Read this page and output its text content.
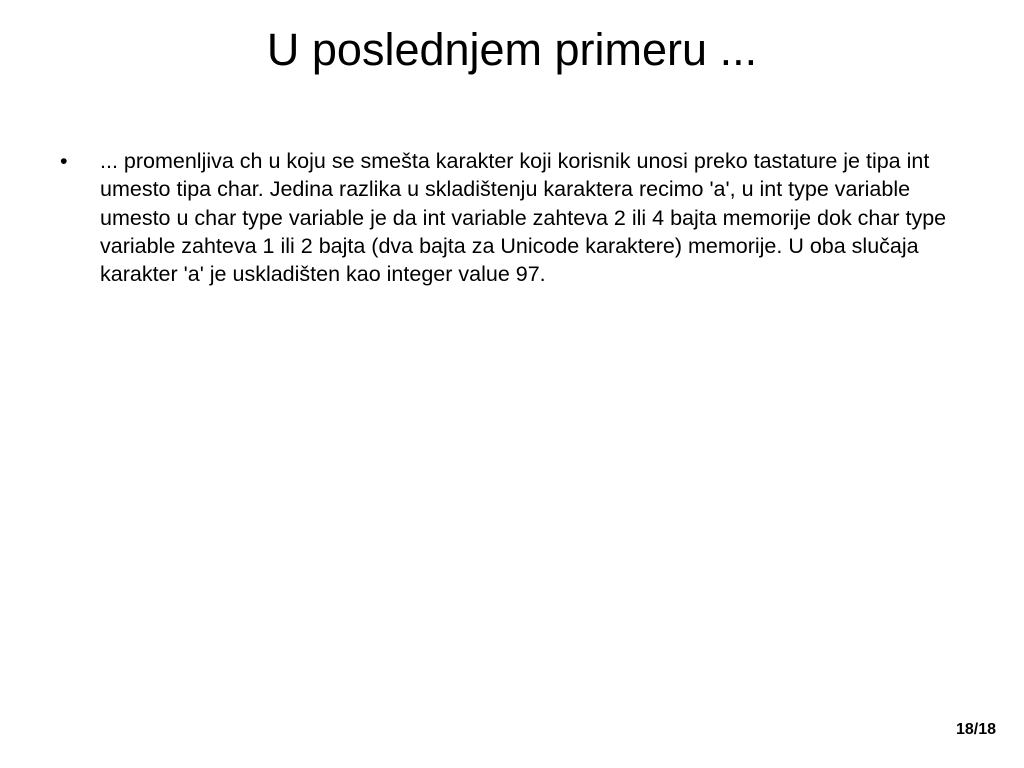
U poslednjem primeru ...
• ... promenljiva ch u koju se smešta karakter koji korisnik unosi preko tastature je tipa int umesto tipa char. Jedina razlika u skladištenju karaktera recimo 'a', u int type variable umesto u char type variable je da int variable zahteva 2 ili 4 bajta memorije dok char type variable zahteva 1 ili 2 bajta (dva bajta za Unicode karaktere) memorije. U oba slučaja karakter 'a' je uskladišten kao integer value 97.
18/18
